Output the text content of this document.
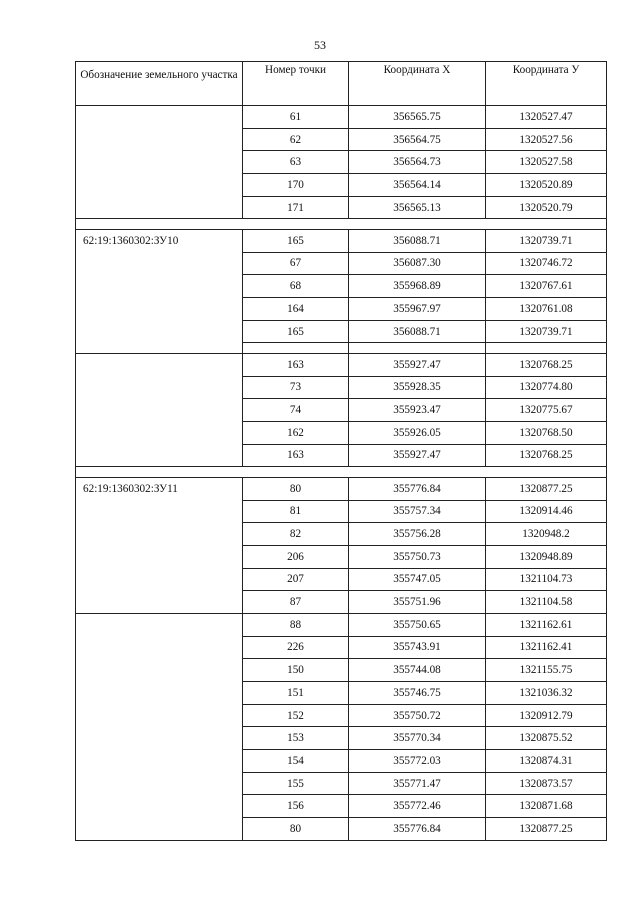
53
Обозначение земельного участка	Номер точки	Координата X	Координата У
61	356565.75	1320527.47
62	356564.75	1320527.56
63	356564.73	1320527.58
170	356564.14	1320520.89
171	356565.13	1320520.79
62:19:1360302:ЗУ10	165	356088.71	1320739.71
67	356087.30	1320746.72
68	355968.89	1320767.61
164	355967.97	1320761.08
165	356088.71	1320739.71
163	355927.47	1320768.25
73	355928.35	1320774.80
74	355923.47	1320775.67
162	355926.05	1320768.50
163	355927.47	1320768.25
62:19:1360302:ЗУ11	80	355776.84	1320877.25
81	355757.34	1320914.46
82	355756.28	1320948.2
206	355750.73	1320948.89
207	355747.05	1321104.73
87	355751.96	1321104.58
88	355750.65	1321162.61
226	355743.91	1321162.41
150	355744.08	1321155.75
151	355746.75	1321036.32
152	355750.72	1320912.79
153	355770.34	1320875.52
154	355772.03	1320874.31
155	355771.47	1320873.57
156	355772.46	1320871.68
80	355776.84	1320877.25
